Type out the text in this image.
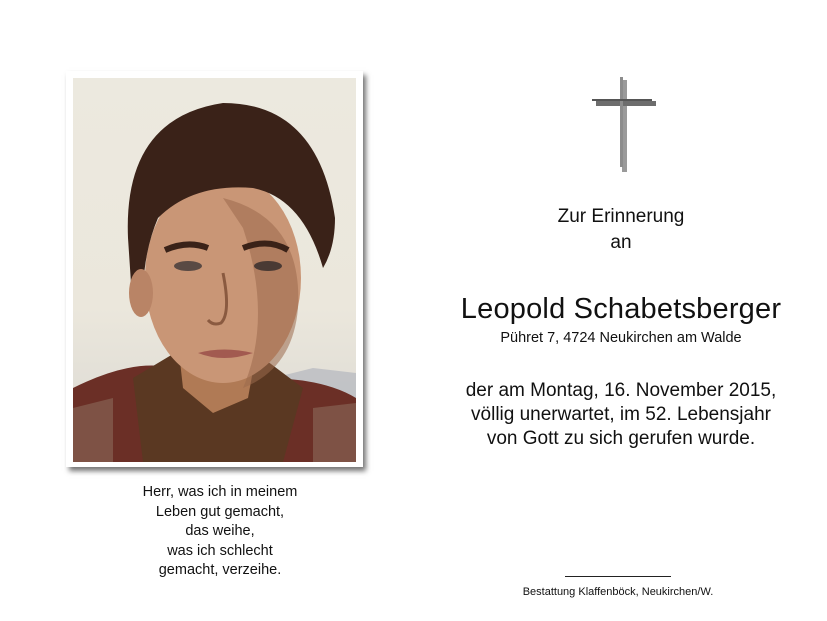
Herr, was ich in meinem
Leben gut gemacht,
das weihe,
was ich schlecht
gemacht, verzeihe.
Zur Erinnerung
an
Leopold Schabetsberger
Pühret 7, 4724 Neukirchen am Walde
der am Montag, 16. November 2015,
völlig unerwartet, im 52. Lebensjahr
von Gott zu sich gerufen wurde.
Bestattung Klaffenböck, Neukirchen/W.
